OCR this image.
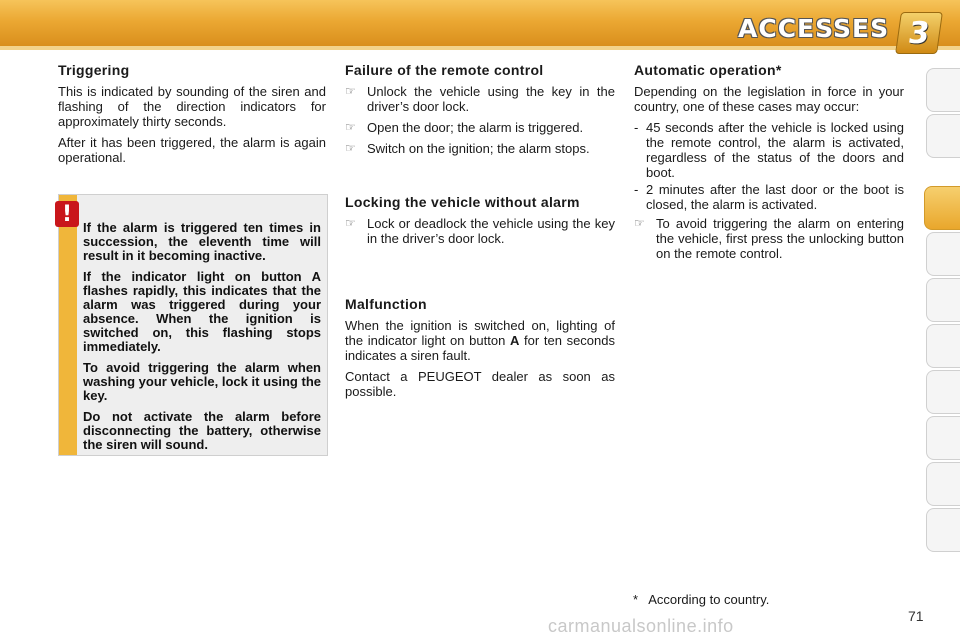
ACCESSES 3
Triggering

This is indicated by sounding of the siren and flashing of the direction indicators for approximately thirty seconds.

After it has been triggered, the alarm is again operational.

!

If the alarm is triggered ten times in succession, the eleventh time will result in it becoming inactive.

If the indicator light on button A flashes rapidly, this indicates that the alarm was triggered during your absence. When the ignition is switched on, this flashing stops immediately.

To avoid triggering the alarm when washing your vehicle, lock it using the key.

Do not activate the alarm before disconnecting the battery, otherwise the siren will sound.

Failure of the remote control
☞ Unlock the vehicle using the key in the driver’s door lock.
☞ Open the door; the alarm is triggered.
☞ Switch on the ignition; the alarm stops.
Locking the vehicle without alarm
☞ Lock or deadlock the vehicle using the key in the driver’s door lock.
Malfunction

When the ignition is switched on, lighting of the indicator light on button A for ten seconds indicates a siren fault.

Contact a PEUGEOT dealer as soon as possible.

Automatic operation*

Depending on the legislation in force in your country, one of these cases may occur:

- 45 seconds after the vehicle is locked using the remote control, the alarm is activated, regardless of the status of the doors and boot.
- 2 minutes after the last door or the boot is closed, the alarm is activated.
☞ To avoid triggering the alarm on entering the vehicle, first press the unlocking button on the remote control.
* According to country.
carmanualsonline.info	71
